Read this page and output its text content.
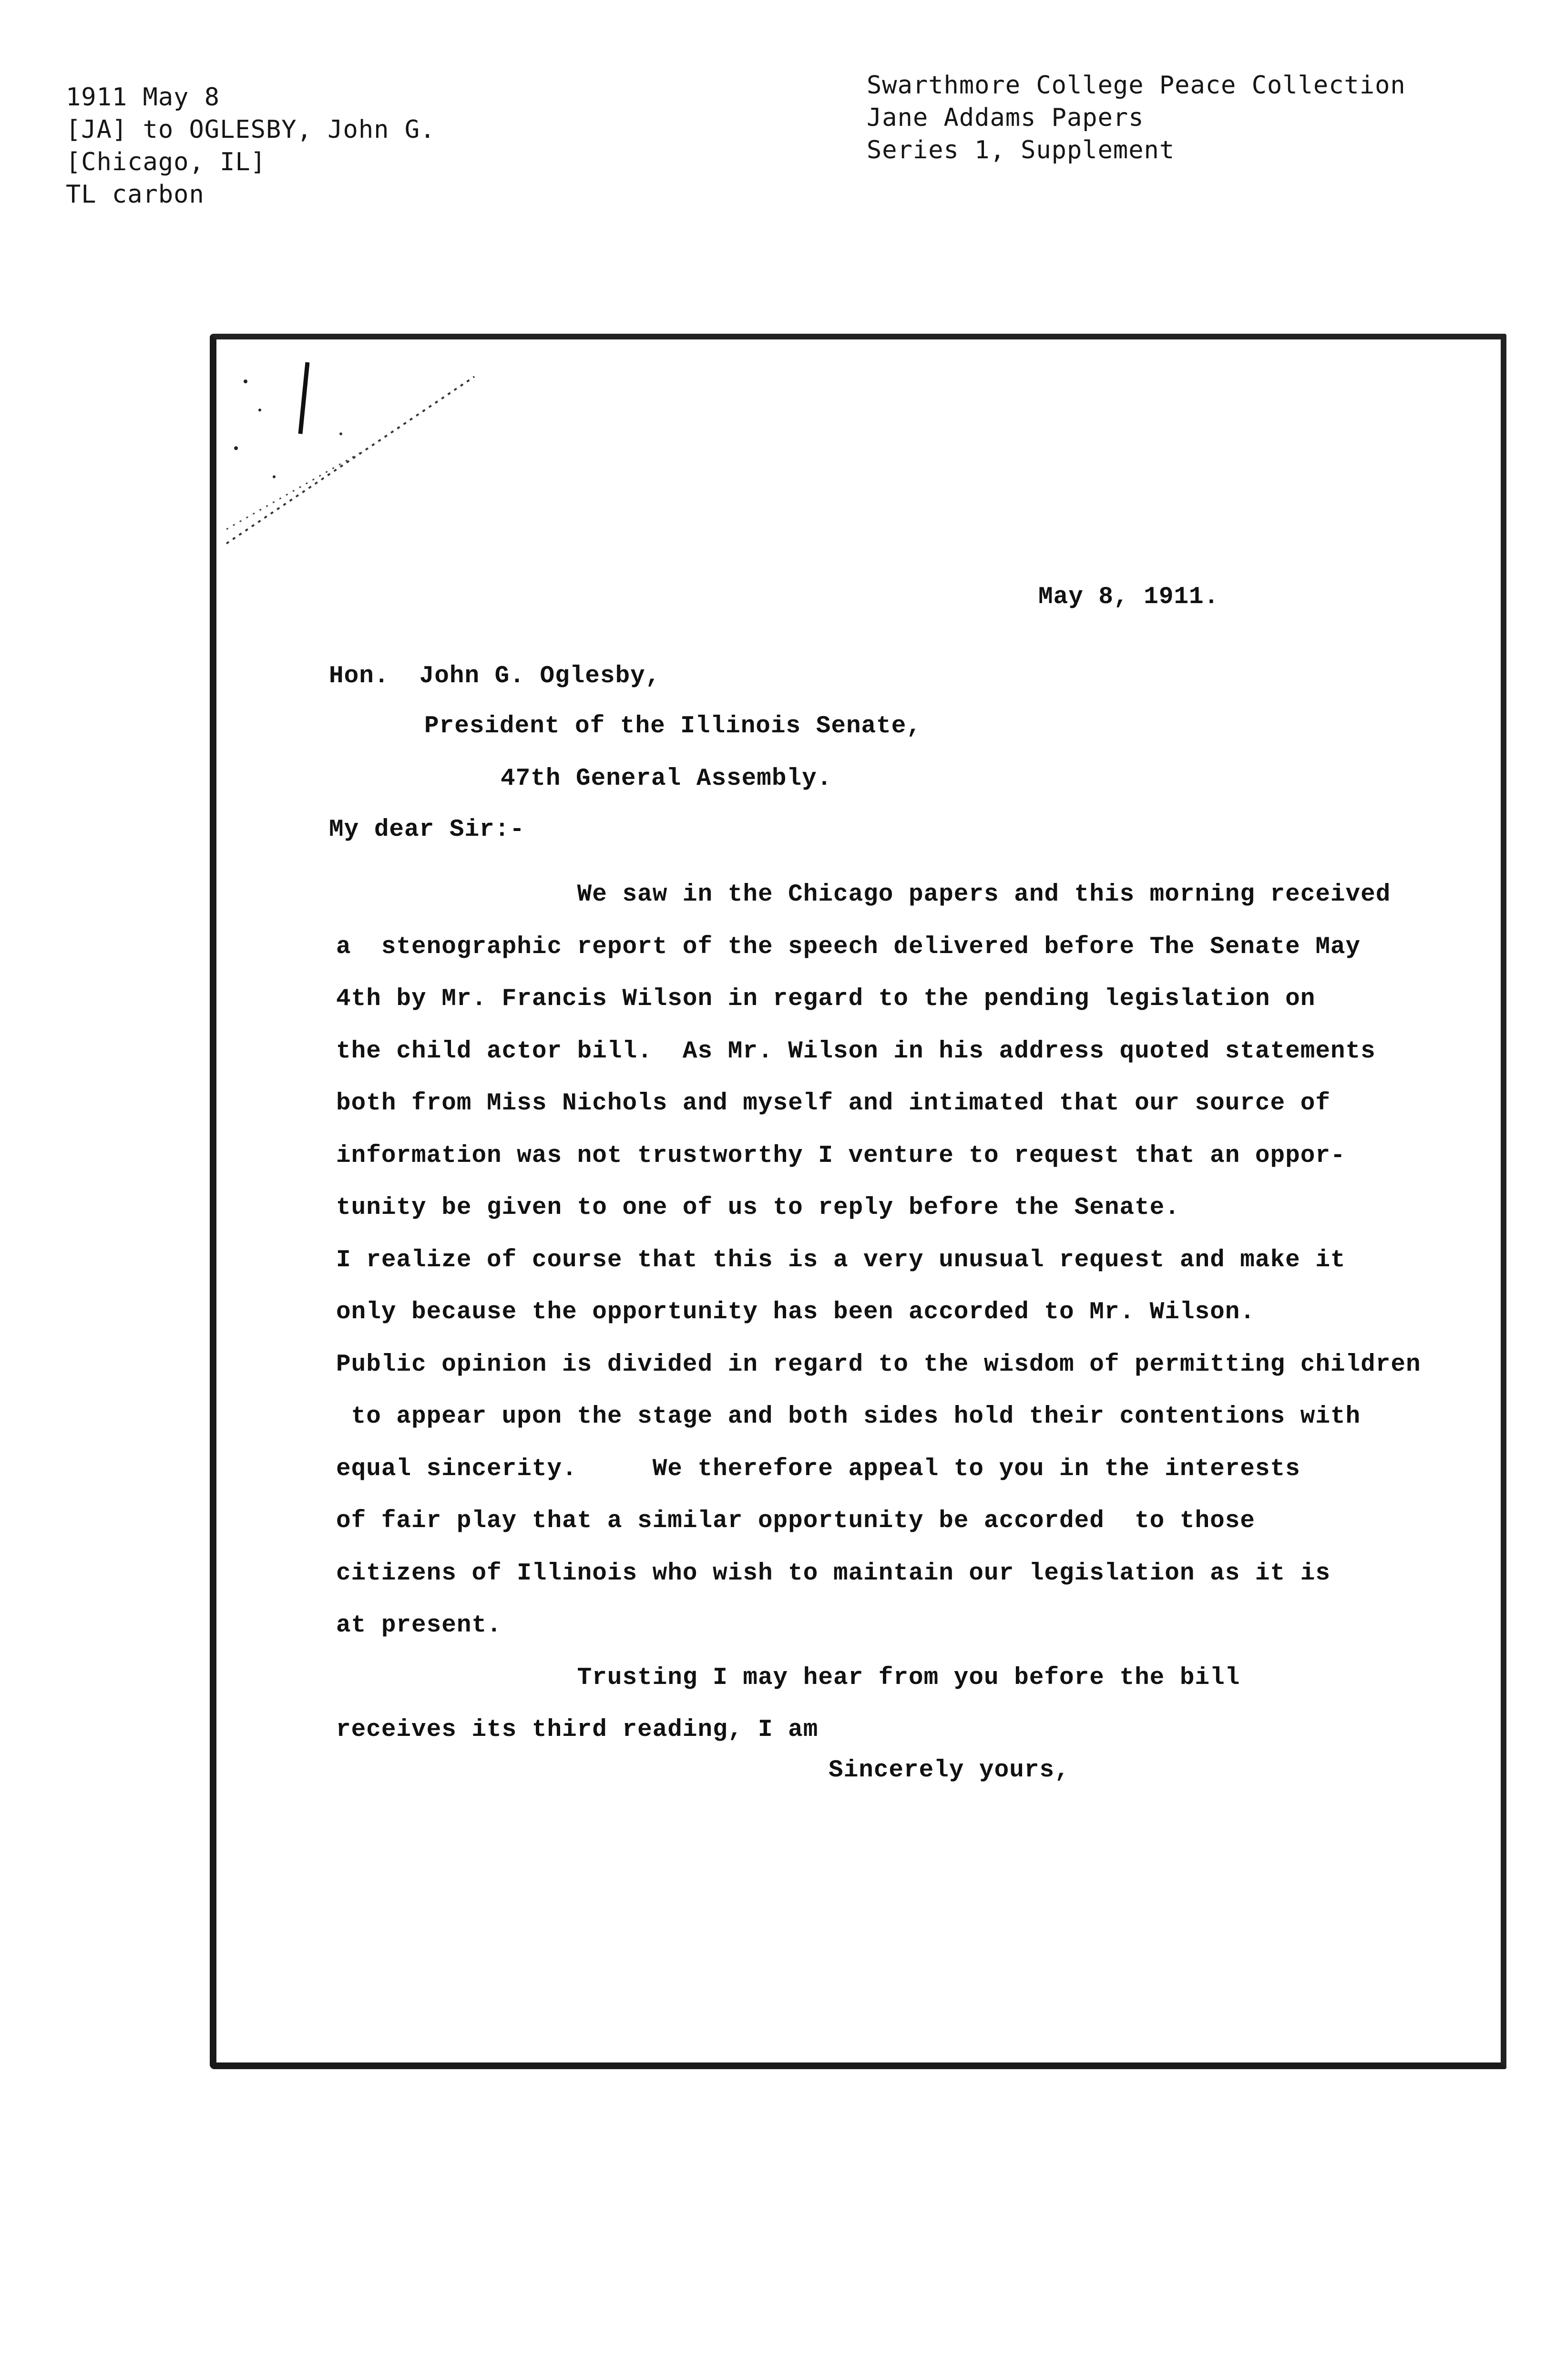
1911 May 8
[JA] to OGLESBY, John G.
[Chicago, IL]
TL carbon
Swarthmore College Peace Collection
Jane Addams Papers
Series 1, Supplement
May 8, 1911.
Hon.  John G. Oglesby,
President of the Illinois Senate,
47th General Assembly.
My dear Sir:-
We saw in the Chicago papers and this morning received
a  stenographic report of the speech delivered before The Senate May
4th by Mr. Francis Wilson in regard to the pending legislation on
the child actor bill.  As Mr. Wilson in his address quoted statements
both from Miss Nichols and myself and intimated that our source of
information was not trustworthy I venture to request that an oppor-
tunity be given to one of us to reply before the Senate.
I realize of course that this is a very unusual request and make it
only because the opportunity has been accorded to Mr. Wilson.
Public opinion is divided in regard to the wisdom of permitting children
to appear upon the stage and both sides hold their contentions with
equal sincerity.     We therefore appeal to you in the interests
of fair play that a similar opportunity be accorded  to those
citizens of Illinois who wish to maintain our legislation as it is
at present.
Trusting I may hear from you before the bill
receives its third reading, I am
Sincerely yours,
